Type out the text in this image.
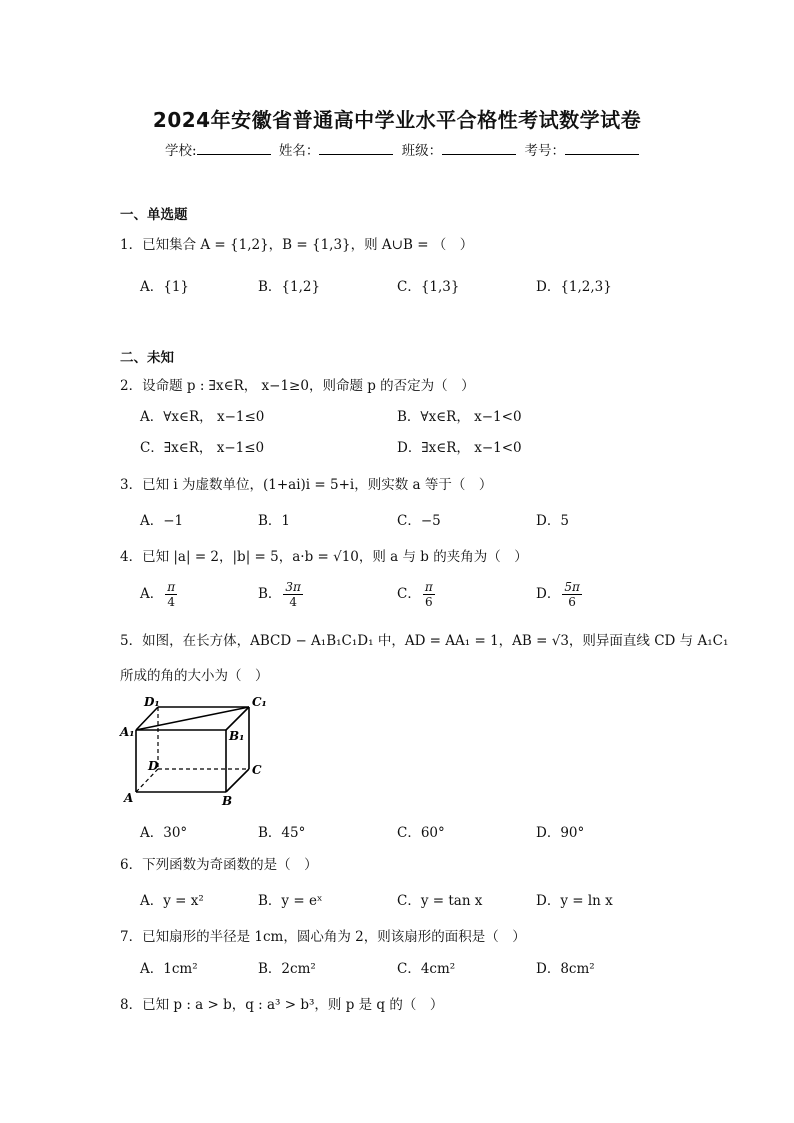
2024年安徽省普通高中学业水平合格性考试数学试卷
学校:	姓名：	班级：	考号：
一、单选题
1．已知集合 A = {1,2}，B = {1,3}，则 A∪B = （　）
A．{1}	B．{1,2}	C．{1,3}	D．{1,2,3}
二、未知
2．设命题 p : ∃x∈R， x−1≥0，则命题 p 的否定为（　）
A．∀x∈R， x−1≤0	B．∀x∈R， x−1<0
C．∃x∈R， x−1≤0	D．∃x∈R， x−1<0
3．已知 i 为虚数单位，(1+ai)i = 5+i，则实数 a 等于（　）
A．−1	B．1	C．−5	D．5
4．已知 |a| = 2，|b| = 5，a·b = √10，则 a 与 b 的夹角为（　）
A． $\frac{\pi}{4}$	B． $\frac{3\pi}{4}$	C． $\frac{\pi}{6}$	D． $\frac{5\pi}{6}$
5．如图，在长方体，ABCD − A₁B₁C₁D₁ 中，AD = AA₁ = 1，AB = √3，则异面直线 CD 与 A₁C₁
所成的角的大小为（　）
D₁	C₁
A₁	B₁
D	C
A	B
A．30°	B．45°	C．60°	D．90°
6．下列函数为奇函数的是（　）
A．y = x²	B．y = eˣ	C．y = tan x	D．y = ln x
7．已知扇形的半径是 1cm，圆心角为 2，则该扇形的面积是（　）
A．1cm²	B．2cm²	C．4cm²	D．8cm²
8．已知 p : a > b，q : a³ > b³，则 p 是 q 的（　）
